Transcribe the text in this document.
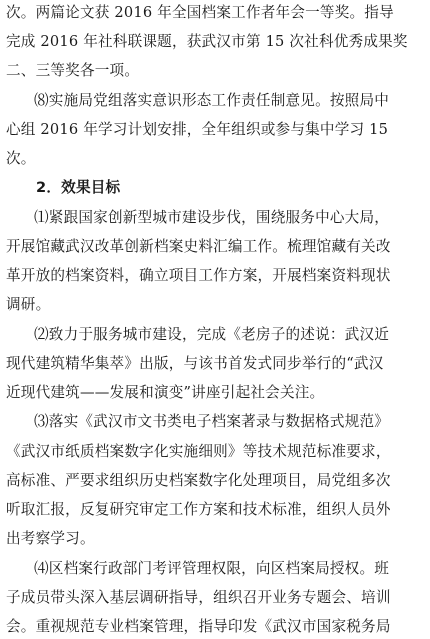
次。两篇论文获 2016 年全国档案工作者年会一等奖。指导
完成 2016 年社科联课题，获武汉市第 15 次社科优秀成果奖
二、三等奖各一项。
⑻实施局党组落实意识形态工作责任制意见。按照局中
心组 2016 年学习计划安排，全年组织或参与集中学习 15
次。
2．效果目标
⑴紧跟国家创新型城市建设步伐，围绕服务中心大局，
开展馆藏武汉改革创新档案史料汇编工作。梳理馆藏有关改
革开放的档案资料，确立项目工作方案，开展档案资料现状
调研。
⑵致力于服务城市建设，完成《老房子的述说：武汉近
现代建筑精华集萃》出版，与该书首发式同步举行的“武汉
近现代建筑——发展和演变”讲座引起社会关注。
⑶落实《武汉市文书类电子档案著录与数据格式规范》
《武汉市纸质档案数字化实施细则》等技术规范标准要求，
高标准、严要求组织历史档案数字化处理项目，局党组多次
听取汇报，反复研究审定工作方案和技术标准，组织人员外
出考察学习。
⑷区档案行政部门考评管理权限，向区档案局授权。班
子成员带头深入基层调研指导，组织召开业务专题会、培训
会。重视规范专业档案管理，指导印发《武汉市国家税务局
